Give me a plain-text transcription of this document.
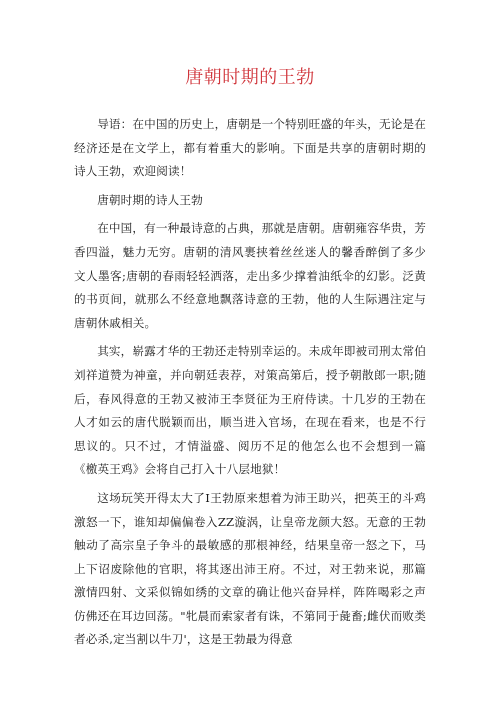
唐朝时期的王勃

导语：在中国的历史上，唐朝是一个特别旺盛的年头，无论是在经济还是在文学上，都有着重大的影响。下面是共享的唐朝时期的诗人王勃，欢迎阅读！

唐朝时期的诗人王勃

在中国，有一种最诗意的占典，那就是唐朝。唐朝雍容华贵，芳香四溢，魅力无穷。唐朝的清风裹挟着丝丝迷人的馨香醉倒了多少文人墨客;唐朝的春雨轻轻洒落，走出多少撑着油纸伞的幻影。泛黄的书页间，就那么不经意地飘落诗意的王勃，他的人生际遇注定与唐朝休戚相关。

其实，崭露才华的王勃还走特别幸运的。未成年即被司刑太常伯刘祥道赞为神童，并向朝廷表荐，对策高第后，授予朝散郎一职;随后，春风得意的王勃又被沛王李贤征为王府侍读。十几岁的王勃在人才如云的唐代脱颖而出，顺当进入官场，在现在看来，也是不行思议的。只不过，才情溢盛、阅历不足的他怎么也不会想到一篇《檄英王鸡》会将自己打入十八层地狱！

这场玩笑开得太大了I王勃原来想着为沛王助兴，把英王的斗鸡激怒一下，谁知却偏偏卷入ZZ漩涡，让皇帝龙颜大怒。无意的王勃触动了高宗皇子争斗的最敏感的那根神经，结果皇帝一怒之下，马上下诏废除他的官职，将其逐出沛王府。不过，对王勃来说，那篇激情四射、文采似锦如绣的文章的确让他兴奋异样，阵阵喝彩之声仿佛还在耳边回荡。"牝晨而索家者有诛，不第同于彘畜;雌伏而败类者必杀,定当割以牛刀'，这是王勃最为得意
